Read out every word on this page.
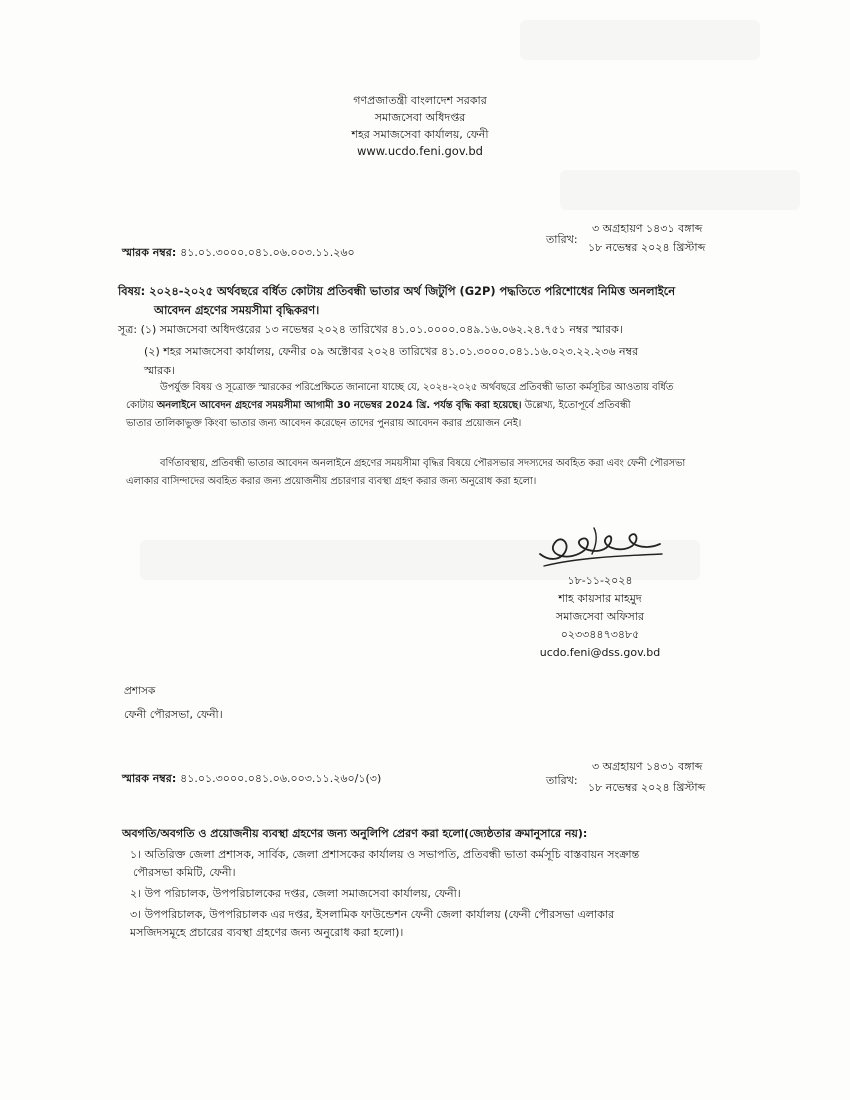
গণপ্রজাতন্ত্রী বাংলাদেশ সরকার
সমাজসেবা অধিদপ্তর
শহর সমাজসেবা কার্যালয়, ফেনী
www.ucdo.feni.gov.bd
তারিখ:
৩ অগ্রহায়ণ ১৪৩১ বঙ্গাব্দ
১৮ নভেম্বর ২০২৪ খ্রিস্টাব্দ
স্মারক নম্বর: ৪১.০১.৩০০০.০৪১.০৬.০০৩.১১.২৬০
বিষয়: ২০২৪-২০২৫ অর্থবছরে বর্ধিত কোটায় প্রতিবন্ধী ভাতার অর্থ জিটুপি (G2P) পদ্ধতিতে পরিশোধের নিমিত্ত অনলাইনে
আবেদন গ্রহণের সময়সীমা বৃদ্ধিকরণ।
সূত্র: (১) সমাজসেবা অধিদপ্তরের ১৩ নভেম্বর ২০২৪ তারিখের ৪১.০১.০০০০.০৪৯.১৬.০৬২.২৪.৭৫১ নম্বর স্মারক।
(২) শহর সমাজসেবা কার্যালয়, ফেনীর ০৯ অক্টোবর ২০২৪ তারিখের ৪১.০১.৩০০০.০৪১.১৬.০২৩.২২.২৩৬ নম্বর
স্মারক।
উপর্যুক্ত বিষয় ও সূত্রোক্ত স্মারকের পরিপ্রেক্ষিতে জানানো যাচ্ছে যে, ২০২৪-২০২৫ অর্থবছরে প্রতিবন্ধী ভাতা কর্মসূচির আওতায় বর্ধিত
কোটায় অনলাইনে আবেদন গ্রহণের সময়সীমা আগামী 30 নভেম্বর 2024 খ্রি. পর্যন্ত বৃদ্ধি করা হয়েছে। উল্লেখ্য, ইতোপূর্বে প্রতিবন্ধী
ভাতার তালিকাভুক্ত কিংবা ভাতার জন্য আবেদন করেছেন তাদের পুনরায় আবেদন করার প্রয়োজন নেই।
বর্ণিতাবস্থায়, প্রতিবন্ধী ভাতার আবেদন অনলাইনে গ্রহণের সময়সীমা বৃদ্ধির বিষয়ে পৌরসভার সদস্যদের অবহিত করা এবং ফেনী পৌরসভা
এলাকার বাসিন্দাদের অবহিত করার জন্য প্রয়োজনীয় প্রচারণার ব্যবস্থা গ্রহণ করার জন্য অনুরোধ করা হলো।
১৮-১১-২০২৪
শাহ কায়সার মাহমুদ
সমাজসেবা অফিসার
০২৩৩৪৪৭৩৪৮৫
ucdo.feni@dss.gov.bd
প্রশাসক
ফেনী পৌরসভা, ফেনী।
তারিখ:
৩ অগ্রহায়ণ ১৪৩১ বঙ্গাব্দ
১৮ নভেম্বর ২০২৪ খ্রিস্টাব্দ
স্মারক নম্বর: ৪১.০১.৩০০০.০৪১.০৬.০০৩.১১.২৬০/১(৩)
অবগতি/অবগতি ও প্রয়োজনীয় ব্যবস্থা গ্রহণের জন্য অনুলিপি প্রেরণ করা হলো(জ্যেষ্ঠতার ক্রমানুসারে নয়):
১। অতিরিক্ত জেলা প্রশাসক, সার্বিক, জেলা প্রশাসকের কার্যালয় ও সভাপতি, প্রতিবন্ধী ভাতা কর্মসূচি বাস্তবায়ন সংক্রান্ত
পৌরসভা কমিটি, ফেনী।
২। উপ পরিচালক, উপপরিচালকের দপ্তর, জেলা সমাজসেবা কার্যালয়, ফেনী।
৩। উপপরিচালক, উপপরিচালক এর দপ্তর, ইসলামিক ফাউন্ডেশন ফেনী জেলা কার্যালয় (ফেনী পৌরসভা এলাকার
মসজিদসমূহে প্রচারের ব্যবস্থা গ্রহণের জন্য অনুরোধ করা হলো)।
